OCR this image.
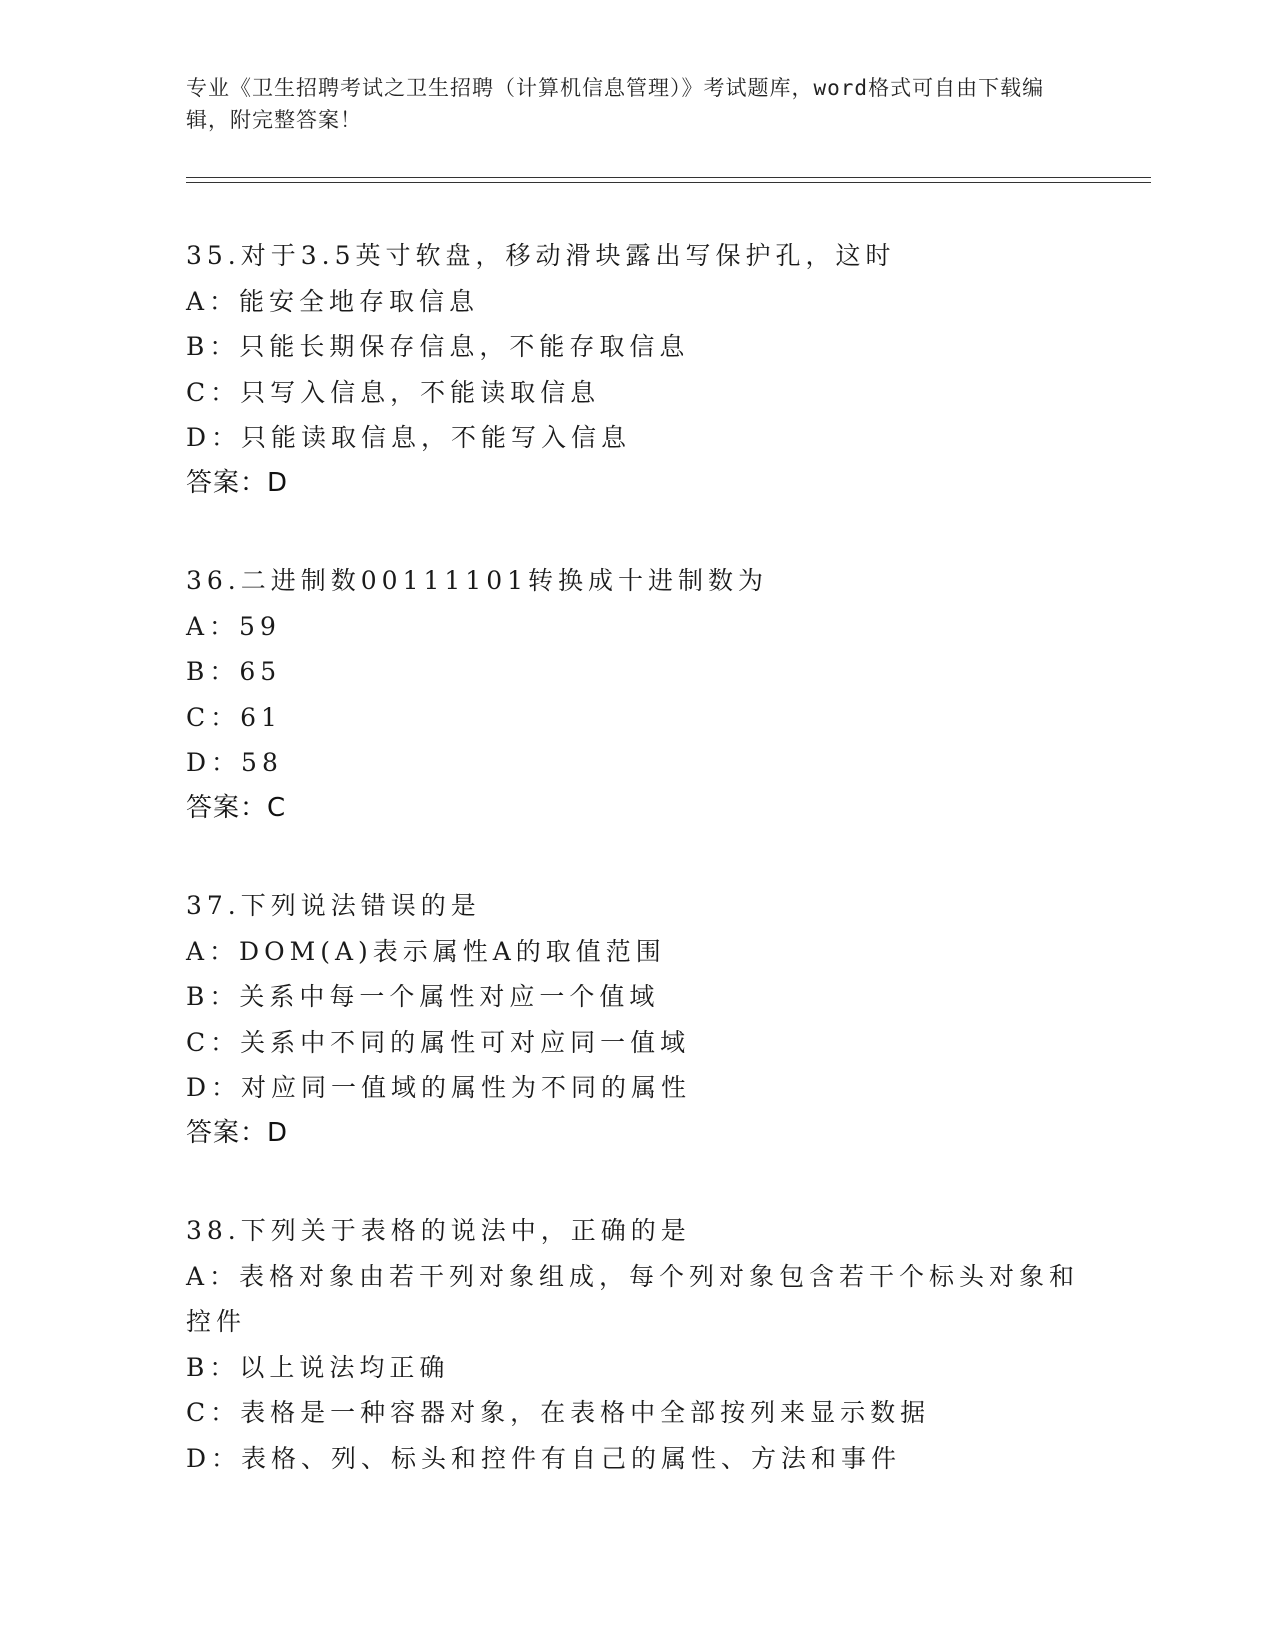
专业《卫生招聘考试之卫生招聘（计算机信息管理）》考试题库，word格式可自由下载编辑，附完整答案！
35.对于3.5英寸软盘，移动滑块露出写保护孔，这时
A：能安全地存取信息
B：只能长期保存信息，不能存取信息
C：只写入信息，不能读取信息
D：只能读取信息，不能写入信息
答案：D
36.二进制数00111101转换成十进制数为
A：59
B：65
C：61
D：58
答案：C
37.下列说法错误的是
A：DOM(A)表示属性A的取值范围
B：关系中每一个属性对应一个值域
C：关系中不同的属性可对应同一值域
D：对应同一值域的属性为不同的属性
答案：D
38.下列关于表格的说法中，正确的是
A：表格对象由若干列对象组成，每个列对象包含若干个标头对象和控件
B：以上说法均正确
C：表格是一种容器对象，在表格中全部按列来显示数据
D：表格、列、标头和控件有自己的属性、方法和事件
